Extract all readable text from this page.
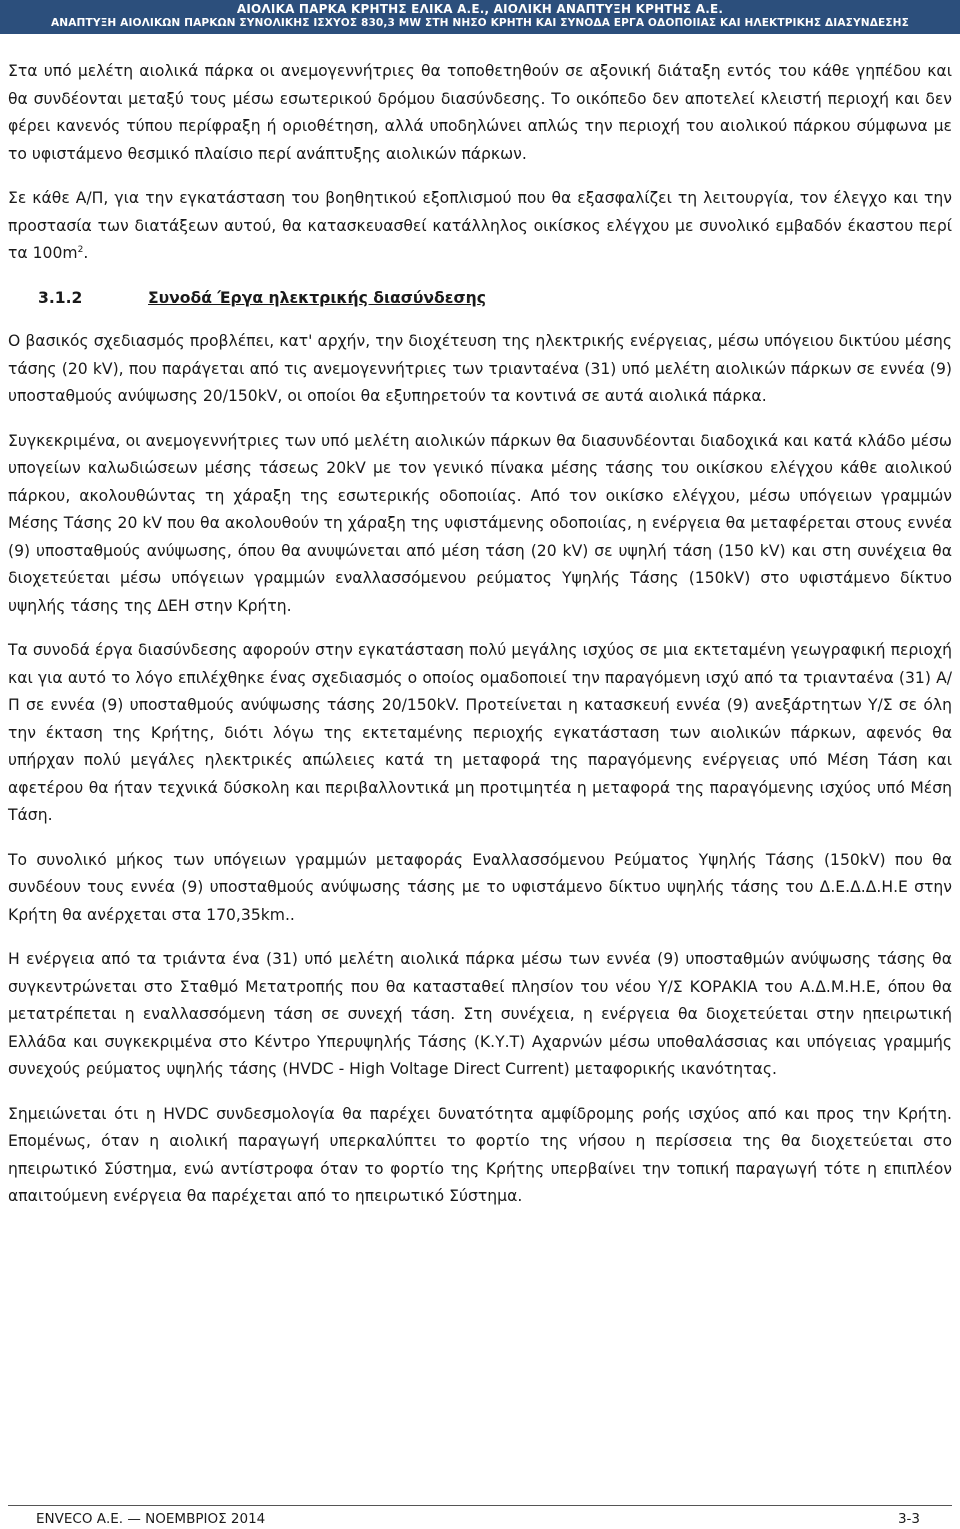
ΑΙΟΛΙΚΑ ΠΑΡΚΑ ΚΡΗΤΗΣ ΕΛΙΚΑ Α.Ε., ΑΙΟΛΙΚΗ ΑΝΑΠΤΥΞΗ ΚΡΗΤΗΣ Α.Ε.
ΑΝΑΠΤΥΞΗ ΑΙΟΛΙΚΩΝ ΠΑΡΚΩΝ ΣΥΝΟΛΙΚΗΣ ΙΣΧΥΟΣ 830,3 MW ΣΤΗ ΝΗΣΟ ΚΡΗΤΗ ΚΑΙ ΣΥΝΟΔΑ ΕΡΓΑ ΟΔΟΠΟΙΙΑΣ ΚΑΙ ΗΛΕΚΤΡΙΚΗΣ ΔΙΑΣΥΝΔΕΣΗΣ

Στα υπό μελέτη αιολικά πάρκα οι ανεμογεννήτριες θα τοποθετηθούν σε αξονική διάταξη εντός του κάθε γηπέδου και θα συνδέονται μεταξύ τους μέσω εσωτερικού δρόμου διασύνδεσης. Το οικόπεδο δεν αποτελεί κλειστή περιοχή και δεν φέρει κανενός τύπου περίφραξη ή οριοθέτηση, αλλά υποδηλώνει απλώς την περιοχή του αιολικού πάρκου σύμφωνα με το υφιστάμενο θεσμικό πλαίσιο περί ανάπτυξης αιολικών πάρκων.

Σε κάθε Α/Π, για την εγκατάσταση του βοηθητικού εξοπλισμού που θα εξασφαλίζει τη λειτουργία, τον έλεγχο και την προστασία των διατάξεων αυτού, θα κατασκευασθεί κατάλληλος οικίσκος ελέγχου με συνολικό εμβαδόν έκαστου περί τα $100m^2$.

3.1.2	Συνοδά Έργα ηλεκτρικής διασύνδεσης

Ο βασικός σχεδιασμός προβλέπει, κατ' αρχήν, την διοχέτευση της ηλεκτρικής ενέργειας, μέσω υπόγειου δικτύου μέσης τάσης (20 kV), που παράγεται από τις ανεμογεννήτριες των τριανταένα (31) υπό μελέτη αιολικών πάρκων σε εννέα (9) υποσταθμούς ανύψωσης 20/150kV, οι οποίοι θα εξυπηρετούν τα κοντινά σε αυτά αιολικά πάρκα.

Συγκεκριμένα, οι ανεμογεννήτριες των υπό μελέτη αιολικών πάρκων θα διασυνδέονται διαδοχικά και κατά κλάδο μέσω υπογείων καλωδιώσεων μέσης τάσεως 20kV με τον γενικό πίνακα μέσης τάσης του οικίσκου ελέγχου κάθε αιολικού πάρκου, ακολουθώντας τη χάραξη της εσωτερικής οδοποιίας. Από τον οικίσκο ελέγχου, μέσω υπόγειων γραμμών Μέσης Τάσης 20 kV που θα ακολουθούν τη χάραξη της υφιστάμενης οδοποιίας, η ενέργεια θα μεταφέρεται στους εννέα (9) υποσταθμούς ανύψωσης, όπου θα ανυψώνεται από μέση τάση (20 kV) σε υψηλή τάση (150 kV) και στη συνέχεια θα διοχετεύεται μέσω υπόγειων γραμμών εναλλασσόμενου ρεύματος Υψηλής Τάσης (150kV) στο υφιστάμενο δίκτυο υψηλής τάσης της ΔΕΗ στην Κρήτη.

Τα συνοδά έργα διασύνδεσης αφορούν στην εγκατάσταση πολύ μεγάλης ισχύος σε μια εκτεταμένη γεωγραφική περιοχή και για αυτό το λόγο επιλέχθηκε ένας σχεδιασμός ο οποίος ομαδοποιεί την παραγόμενη ισχύ από τα τριανταένα (31) Α/Π σε εννέα (9) υποσταθμούς ανύψωσης τάσης 20/150kV. Προτείνεται η κατασκευή εννέα (9) ανεξάρτητων Υ/Σ σε όλη την έκταση της Κρήτης, διότι λόγω της εκτεταμένης περιοχής εγκατάσταση των αιολικών πάρκων, αφενός θα υπήρχαν πολύ μεγάλες ηλεκτρικές απώλειες κατά τη μεταφορά της παραγόμενης ενέργειας υπό Μέση Τάση και αφετέρου θα ήταν τεχνικά δύσκολη και περιβαλλοντικά μη προτιμητέα η μεταφορά της παραγόμενης ισχύος υπό Μέση Τάση.

Το συνολικό μήκος των υπόγειων γραμμών μεταφοράς Εναλλασσόμενου Ρεύματος Υψηλής Τάσης (150kV) που θα συνδέουν τους εννέα (9) υποσταθμούς ανύψωσης τάσης με το υφιστάμενο δίκτυο υψηλής τάσης του Δ.Ε.Δ.Δ.Η.Ε στην Κρήτη θα ανέρχεται στα 170,35km..

Η ενέργεια από τα τριάντα ένα (31) υπό μελέτη αιολικά πάρκα μέσω των εννέα (9) υποσταθμών ανύψωσης τάσης θα συγκεντρώνεται στο Σταθμό Μετατροπής που θα κατασταθεί πλησίον του νέου Υ/Σ ΚΟΡΑΚΙΑ του Α.Δ.Μ.Η.Ε, όπου θα μετατρέπεται η εναλλασσόμενη τάση σε συνεχή τάση. Στη συνέχεια, η ενέργεια θα διοχετεύεται στην ηπειρωτική Ελλάδα και συγκεκριμένα στο Κέντρο Υπερυψηλής Τάσης (Κ.Υ.Τ) Αχαρνών μέσω υποθαλάσσιας και υπόγειας γραμμής συνεχούς ρεύματος υψηλής τάσης (HVDC - High Voltage Direct Current) μεταφορικής ικανότητας.

Σημειώνεται ότι η HVDC συνδεσμολογία θα παρέχει δυνατότητα αμφίδρομης ροής ισχύος από και προς την Κρήτη. Επομένως, όταν η αιολική παραγωγή υπερκαλύπτει το φορτίο της νήσου η περίσσεια της θα διοχετεύεται στο ηπειρωτικό Σύστημα, ενώ αντίστροφα όταν το φορτίο της Κρήτης υπερβαίνει την τοπική παραγωγή τότε η επιπλέον απαιτούμενη ενέργεια θα παρέχεται από το ηπειρωτικό Σύστημα.

ENVECO Α.Ε. — ΝΟΕΜΒΡΙΟΣ 2014	3-3
